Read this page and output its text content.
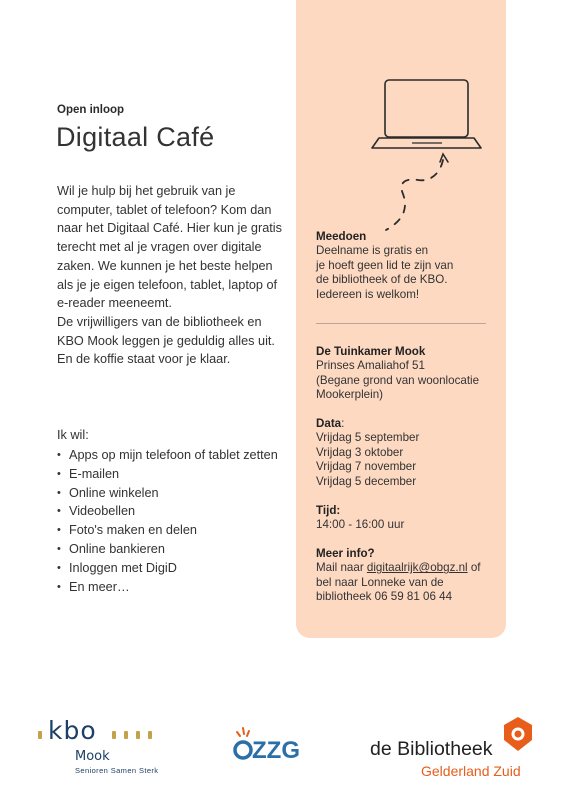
Open inloop
Digitaal Café

Wil je hulp bij het gebruik van je computer, tablet of telefoon? Kom dan naar het Digitaal Café. Hier kun je gratis terecht met al je vragen over digitale zaken. We kunnen je het beste helpen als je je eigen telefoon, tablet, laptop of e-reader meeneemt.

De vrijwilligers van de bibliotheek en KBO Mook leggen je geduldig alles uit. En de koffie staat voor je klaar.

Ik wil:
• Apps op mijn telefoon of tablet zetten
• E-mailen
• Online winkelen
• Videobellen
• Foto's maken en delen
• Online bankieren
• Inloggen met DigiD
• En meer…
Meedoen
Deelname is gratis en
je hoeft geen lid te zijn van
de bibliotheek of de KBO.
Iedereen is welkom!
De Tuinkamer Mook
Prinses Amaliahof 51
(Begane grond van woonlocatie
Mookerplein)
Data:
Vrijdag 5 september
Vrijdag 3 oktober
Vrijdag 7 november
Vrijdag 5 december
Tijd:
14:00 - 16:00 uur
Meer info?
Mail naar digitaalrijk@obgz.nl of
bel naar Lonneke van de
bibliotheek 06 59 81 06 44
kbo
Mook
Senioren Samen Sterk
ZZG	de Bibliotheek
Gelderland Zuid
